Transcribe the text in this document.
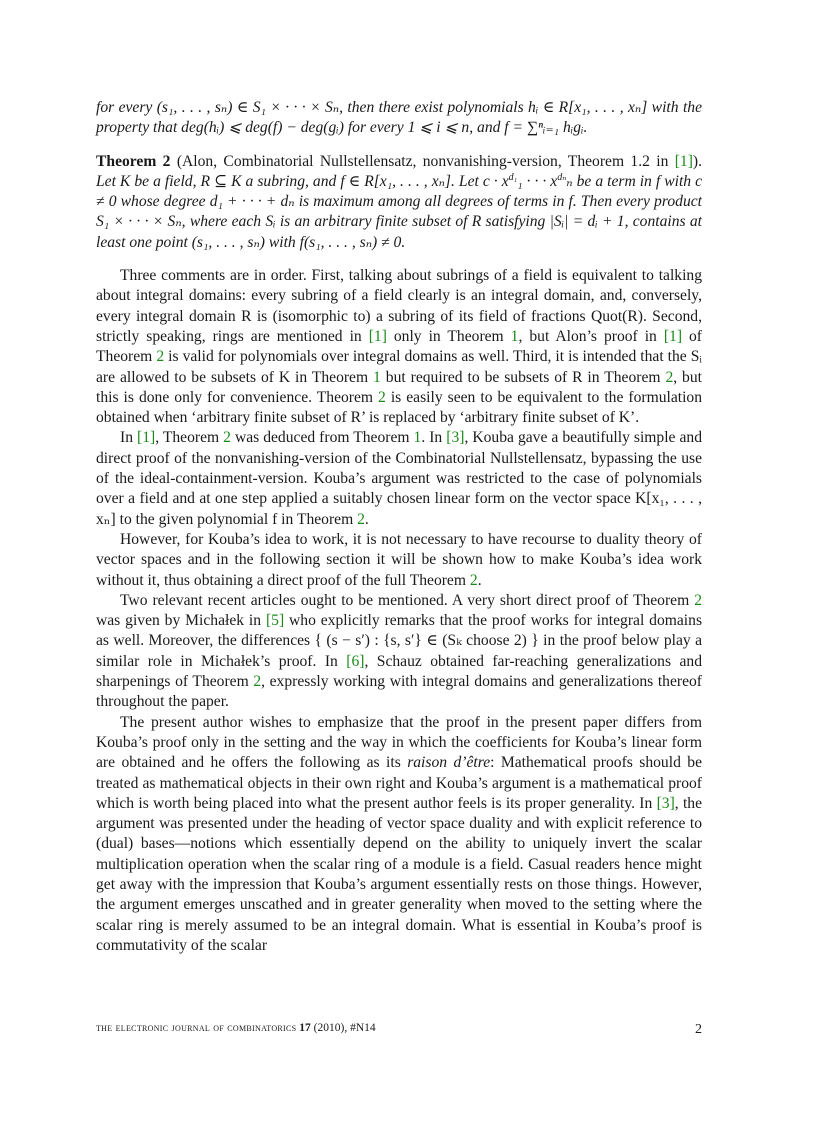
for every (s₁, . . . , sₙ) ∈ S₁ × · · · × Sₙ, then there exist polynomials hᵢ ∈ R[x₁, . . . , xₙ] with the property that deg(hᵢ) ⩽ deg(f) − deg(gᵢ) for every 1 ⩽ i ⩽ n, and f = ∑ⁿᵢ₌₁ hᵢgᵢ.

Theorem 2 (Alon, Combinatorial Nullstellensatz, nonvanishing-version, Theorem 1.2 in [1]). Let K be a field, R ⊆ K a subring, and f ∈ R[x₁, . . . , xₙ]. Let $c \cdot x^{d_1}_1$ · · · $x^{d_n}_n$ be a term in f with c ≠ 0 whose degree d₁ + · · · + dₙ is maximum among all degrees of terms in f. Then every product S₁ × · · · × Sₙ, where each Sᵢ is an arbitrary finite subset of R satisfying |Sᵢ| = dᵢ + 1, contains at least one point (s₁, . . . , sₙ) with f(s₁, . . . , sₙ) ≠ 0.

Three comments are in order. First, talking about subrings of a field is equivalent to talking about integral domains: every subring of a field clearly is an integral domain, and, conversely, every integral domain R is (isomorphic to) a subring of its field of fractions Quot(R). Second, strictly speaking, rings are mentioned in [1] only in Theorem 1, but Alon’s proof in [1] of Theorem 2 is valid for polynomials over integral domains as well. Third, it is intended that the Sᵢ are allowed to be subsets of K in Theorem 1 but required to be subsets of R in Theorem 2, but this is done only for convenience. Theorem 2 is easily seen to be equivalent to the formulation obtained when ‘arbitrary finite subset of R’ is replaced by ‘arbitrary finite subset of K’.

In [1], Theorem 2 was deduced from Theorem 1. In [3], Kouba gave a beautifully simple and direct proof of the nonvanishing-version of the Combinatorial Nullstellensatz, bypassing the use of the ideal-containment-version. Kouba’s argument was restricted to the case of polynomials over a field and at one step applied a suitably chosen linear form on the vector space K[x₁, . . . , xₙ] to the given polynomial f in Theorem 2.

However, for Kouba’s idea to work, it is not necessary to have recourse to duality theory of vector spaces and in the following section it will be shown how to make Kouba’s idea work without it, thus obtaining a direct proof of the full Theorem 2.

Two relevant recent articles ought to be mentioned. A very short direct proof of Theorem 2 was given by Michałek in [5] who explicitly remarks that the proof works for integral domains as well. Moreover, the differences { (s − s′) : {s, s′} ∈ (Sₖ choose 2) } in the proof below play a similar role in Michałek’s proof. In [6], Schauz obtained far-reaching generalizations and sharpenings of Theorem 2, expressly working with integral domains and generalizations thereof throughout the paper.

The present author wishes to emphasize that the proof in the present paper differs from Kouba’s proof only in the setting and the way in which the coefficients for Kouba’s linear form are obtained and he offers the following as its raison d’être: Mathematical proofs should be treated as mathematical objects in their own right and Kouba’s argument is a mathematical proof which is worth being placed into what the present author feels is its proper generality. In [3], the argument was presented under the heading of vector space duality and with explicit reference to (dual) bases—notions which essentially depend on the ability to uniquely invert the scalar multiplication operation when the scalar ring of a module is a field. Casual readers hence might get away with the impression that Kouba’s argument essentially rests on those things. However, the argument emerges unscathed and in greater generality when moved to the setting where the scalar ring is merely assumed to be an integral domain. What is essential in Kouba’s proof is commutativity of the scalar

the electronic journal of combinatorics 17 (2010), #N14	2
